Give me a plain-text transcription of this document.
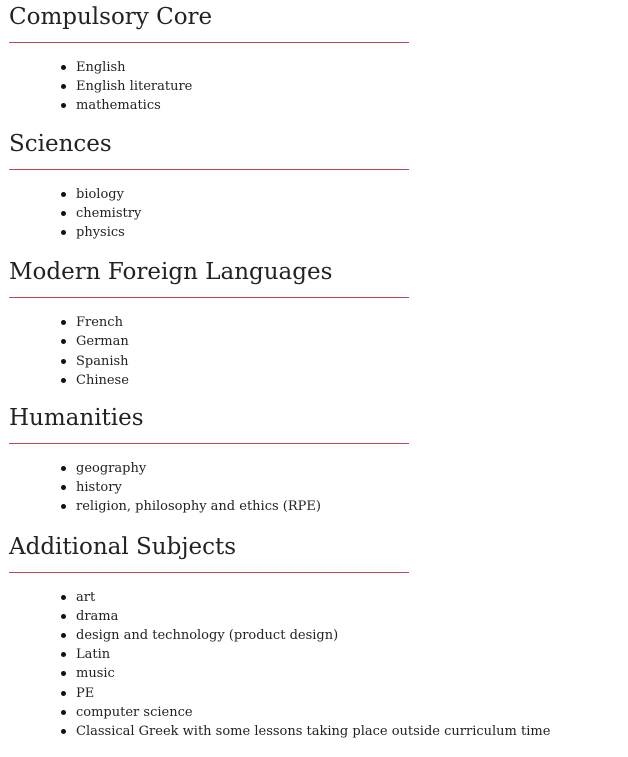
Compulsory Core
English
English literature
mathematics
Sciences
biology
chemistry
physics
Modern Foreign Languages
French
German
Spanish
Chinese
Humanities
geography
history
religion, philosophy and ethics (RPE)
Additional Subjects
art
drama
design and technology (product design)
Latin
music
PE
computer science
Classical Greek with some lessons taking place outside curriculum time
